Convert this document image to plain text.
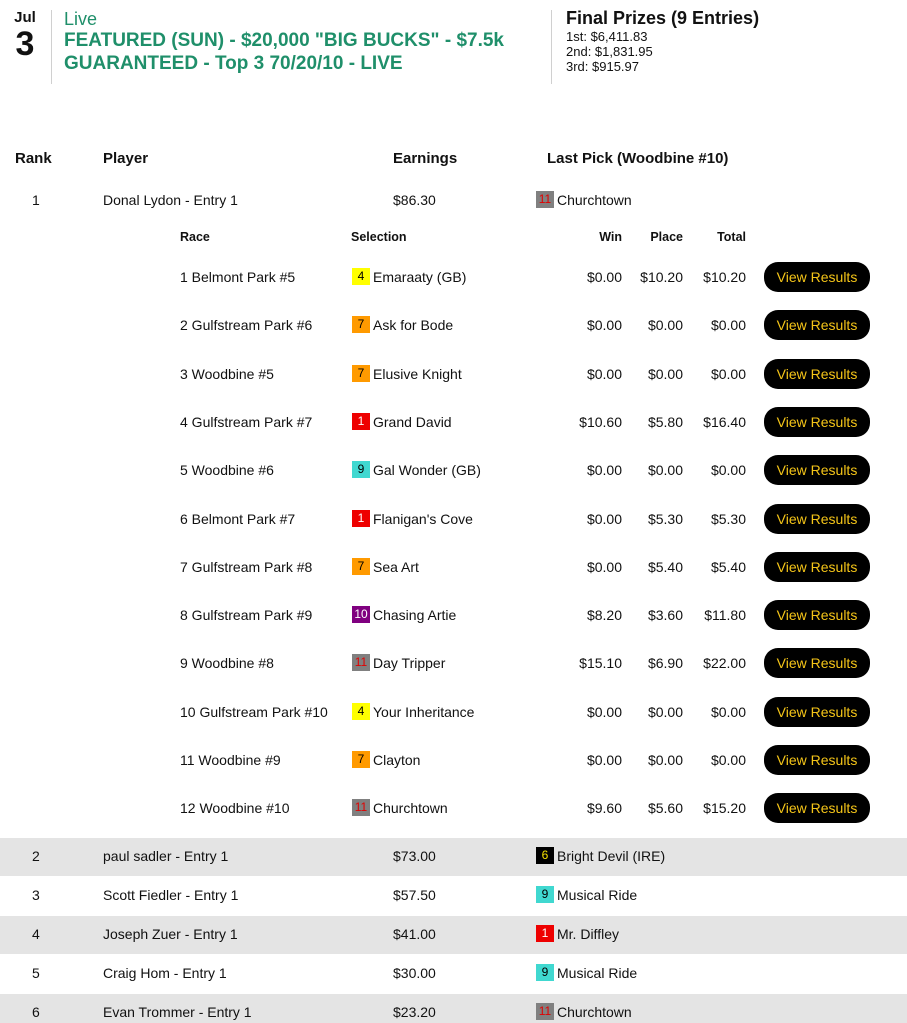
Jul
3
Live
FEATURED (SUN) - $20,000 "BIG BUCKS" - $7.5k GUARANTEED - Top 3 70/20/10 - LIVE
Final Prizes (9 Entries)
1st: $6,411.83
2nd: $1,831.95
3rd: $915.97
Rank	Player	Earnings	Last Pick (Woodbine #10)
1	Donal Lydon - Entry 1	$86.30	11 Churchtown
2	paul sadler - Entry 1	$73.00	6 Bright Devil (IRE)
3	Scott Fiedler - Entry 1	$57.50	9 Musical Ride
4	Joseph Zuer - Entry 1	$41.00	1 Mr. Diffley
5	Craig Hom - Entry 1	$30.00	9 Musical Ride
6	Evan Trommer - Entry 1	$23.20	11 Churchtown
Race	Selection	Win	Place	Total
1 Belmont Park #5	4 Emaraaty (GB)	$0.00	$10.20	$10.20	View Results
2 Gulfstream Park #6	7 Ask for Bode	$0.00	$0.00	$0.00	View Results
3 Woodbine #5	7 Elusive Knight	$0.00	$0.00	$0.00	View Results
4 Gulfstream Park #7	1 Grand David	$10.60	$5.80	$16.40	View Results
5 Woodbine #6	9 Gal Wonder (GB)	$0.00	$0.00	$0.00	View Results
6 Belmont Park #7	1 Flanigan's Cove	$0.00	$5.30	$5.30	View Results
7 Gulfstream Park #8	7 Sea Art	$0.00	$5.40	$5.40	View Results
8 Gulfstream Park #9	10 Chasing Artie	$8.20	$3.60	$11.80	View Results
9 Woodbine #8	11 Day Tripper	$15.10	$6.90	$22.00	View Results
10 Gulfstream Park #10	4 Your Inheritance	$0.00	$0.00	$0.00	View Results
11 Woodbine #9	7 Clayton	$0.00	$0.00	$0.00	View Results
12 Woodbine #10	11 Churchtown	$9.60	$5.60	$15.20	View Results
